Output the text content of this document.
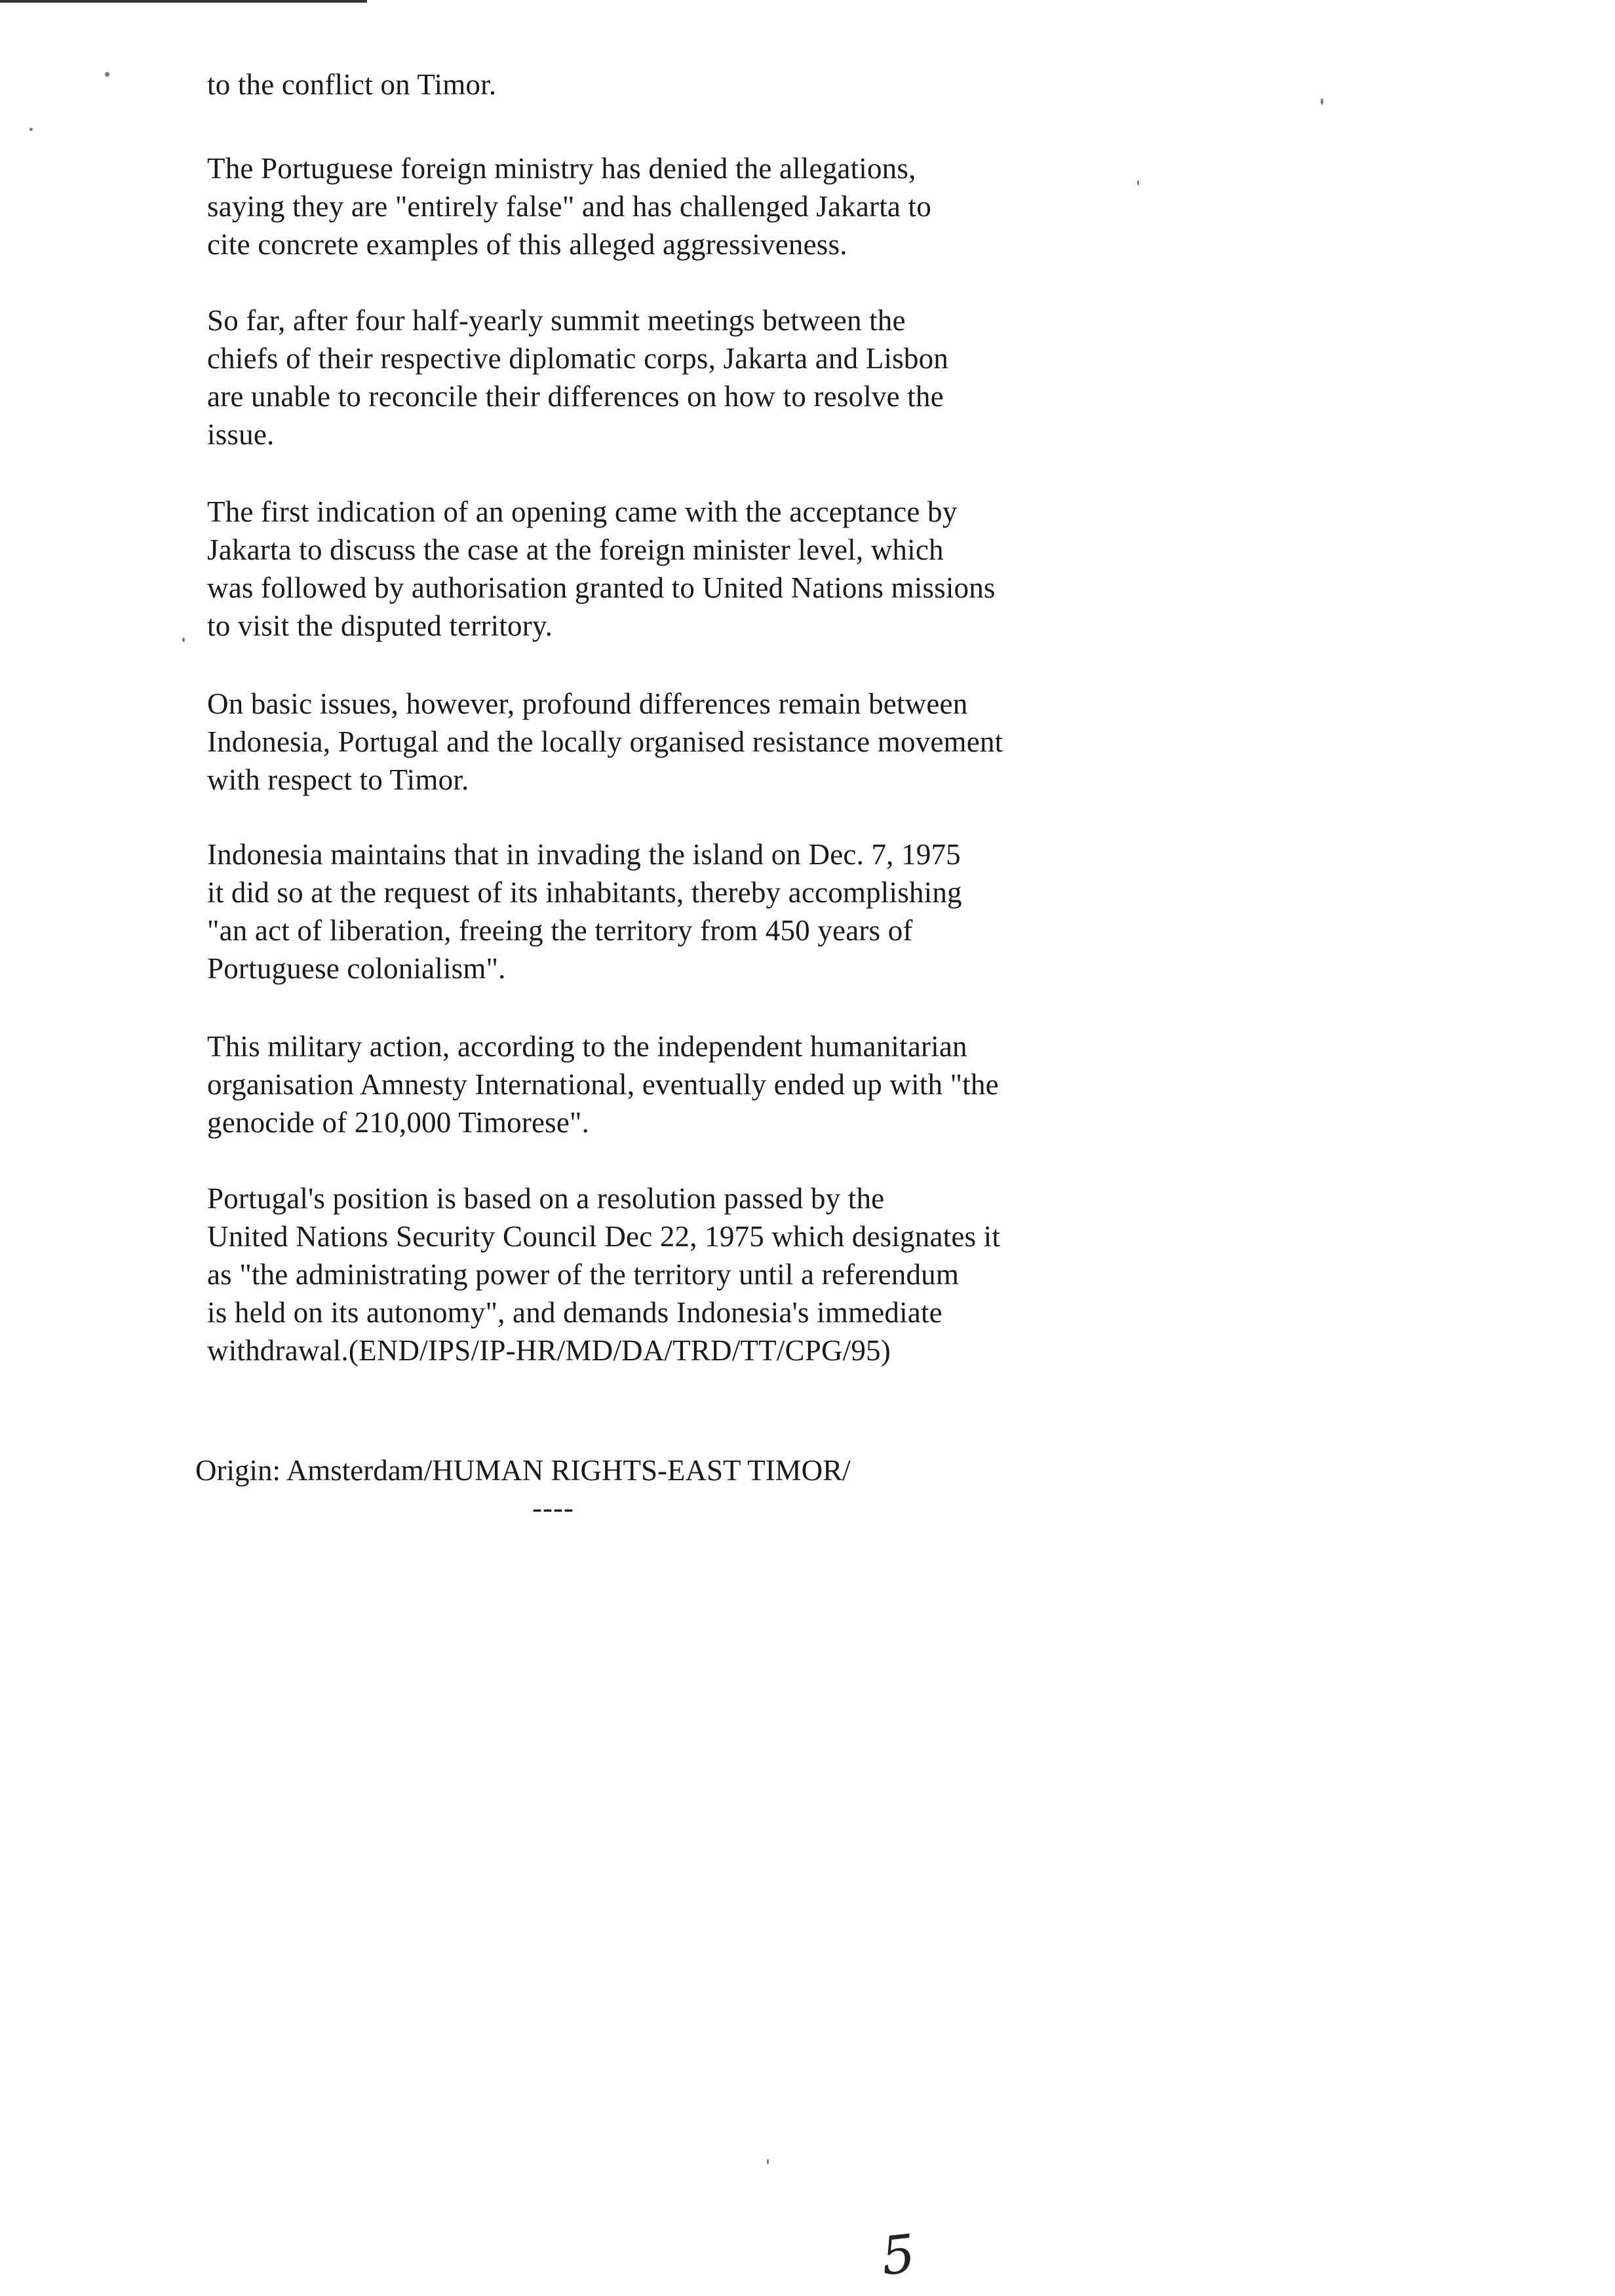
to the conflict on Timor.
The Portuguese foreign ministry has denied the allegations,
saying they are "entirely false" and has challenged Jakarta to
cite concrete examples of this alleged aggressiveness.
So far, after four half-yearly summit meetings between the
chiefs of their respective diplomatic corps, Jakarta and Lisbon
are unable to reconcile their differences on how to resolve the
issue.
The first indication of an opening came with the acceptance by
Jakarta to discuss the case at the foreign minister level, which
was followed by authorisation granted to United Nations missions
to visit the disputed territory.
On basic issues, however, profound differences remain between
Indonesia, Portugal and the locally organised resistance movement
with respect to Timor.
Indonesia maintains that in invading the island on Dec. 7, 1975
it did so at the request of its inhabitants, thereby accomplishing
"an act of liberation, freeing the territory from 450 years of
Portuguese colonialism".
This military action, according to the independent humanitarian
organisation Amnesty International, eventually ended up with "the
genocide of 210,000 Timorese".
Portugal's position is based on a resolution passed by the
United Nations Security Council Dec 22, 1975 which designates it
as "the administrating power of the territory until a referendum
is held on its autonomy", and demands Indonesia's immediate
withdrawal.(END/IPS/IP-HR/MD/DA/TRD/TT/CPG/95)
Origin: Amsterdam/HUMAN RIGHTS-EAST TIMOR/
----
5
